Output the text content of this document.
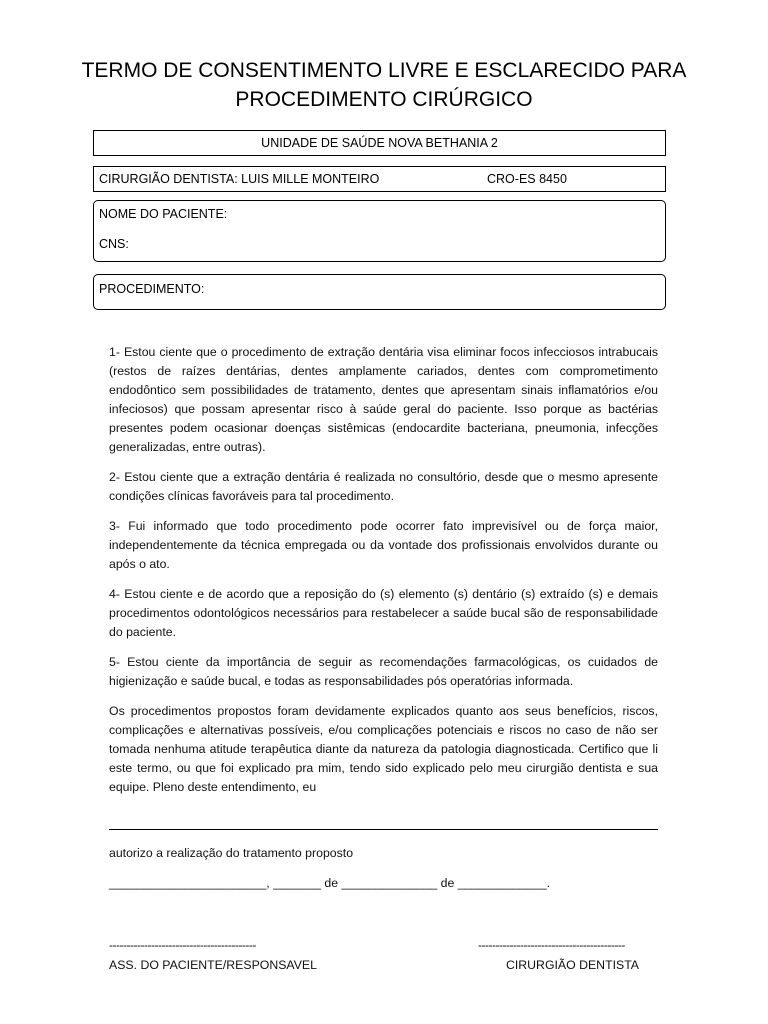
TERMO DE CONSENTIMENTO LIVRE E ESCLARECIDO PARA
PROCEDIMENTO CIRÚRGICO
UNIDADE DE SAÚDE NOVA BETHANIA 2
CIRURGIÃO DENTISTA: LUIS MILLE MONTEIRO	CRO-ES 8450
NOME DO PACIENTE:
CNS:
PROCEDIMENTO:

1- Estou ciente que o procedimento de extração dentária visa eliminar focos infecciosos intrabucais (restos de raízes dentárias, dentes amplamente cariados, dentes com comprometimento endodôntico sem possibilidades de tratamento, dentes que apresentam sinais inflamatórios e/ou infeciosos) que possam apresentar risco à saúde geral do paciente. Isso porque as bactérias presentes podem ocasionar doenças sistêmicas (endocardite bacteriana, pneumonia, infecções generalizadas, entre outras).

2- Estou ciente que a extração dentária é realizada no consultório, desde que o mesmo apresente condições clínicas favoráveis para tal procedimento.

3- Fui informado que todo procedimento pode ocorrer fato imprevisível ou de força maior, independentemente da técnica empregada ou da vontade dos profissionais envolvidos durante ou após o ato.

4- Estou ciente e de acordo que a reposição do (s) elemento (s) dentário (s) extraído (s) e demais procedimentos odontológicos necessários para restabelecer a saúde bucal são de responsabilidade do paciente.

5- Estou ciente da importância de seguir as recomendações farmacológicas, os cuidados de higienização e saúde bucal, e todas as responsabilidades pós operatórias informada.

Os procedimentos propostos foram devidamente explicados quanto aos seus benefícios, riscos, complicações e alternativas possíveis, e/ou complicações potenciais e riscos no caso de não ser tomada nenhuma atitude terapêutica diante da natureza da patologia diagnosticada. Certifico que li este termo, ou que foi explicado pra mim, tendo sido explicado pelo meu cirurgião dentista e sua equipe. Pleno deste entendimento, eu

autorizo a realização do tratamento proposto
_______________________, _______ de ______________ de _____________.
------------------------------------------	------------------------------------------
ASS. DO PACIENTE/RESPONSAVEL	CIRURGIÃO DENTISTA
